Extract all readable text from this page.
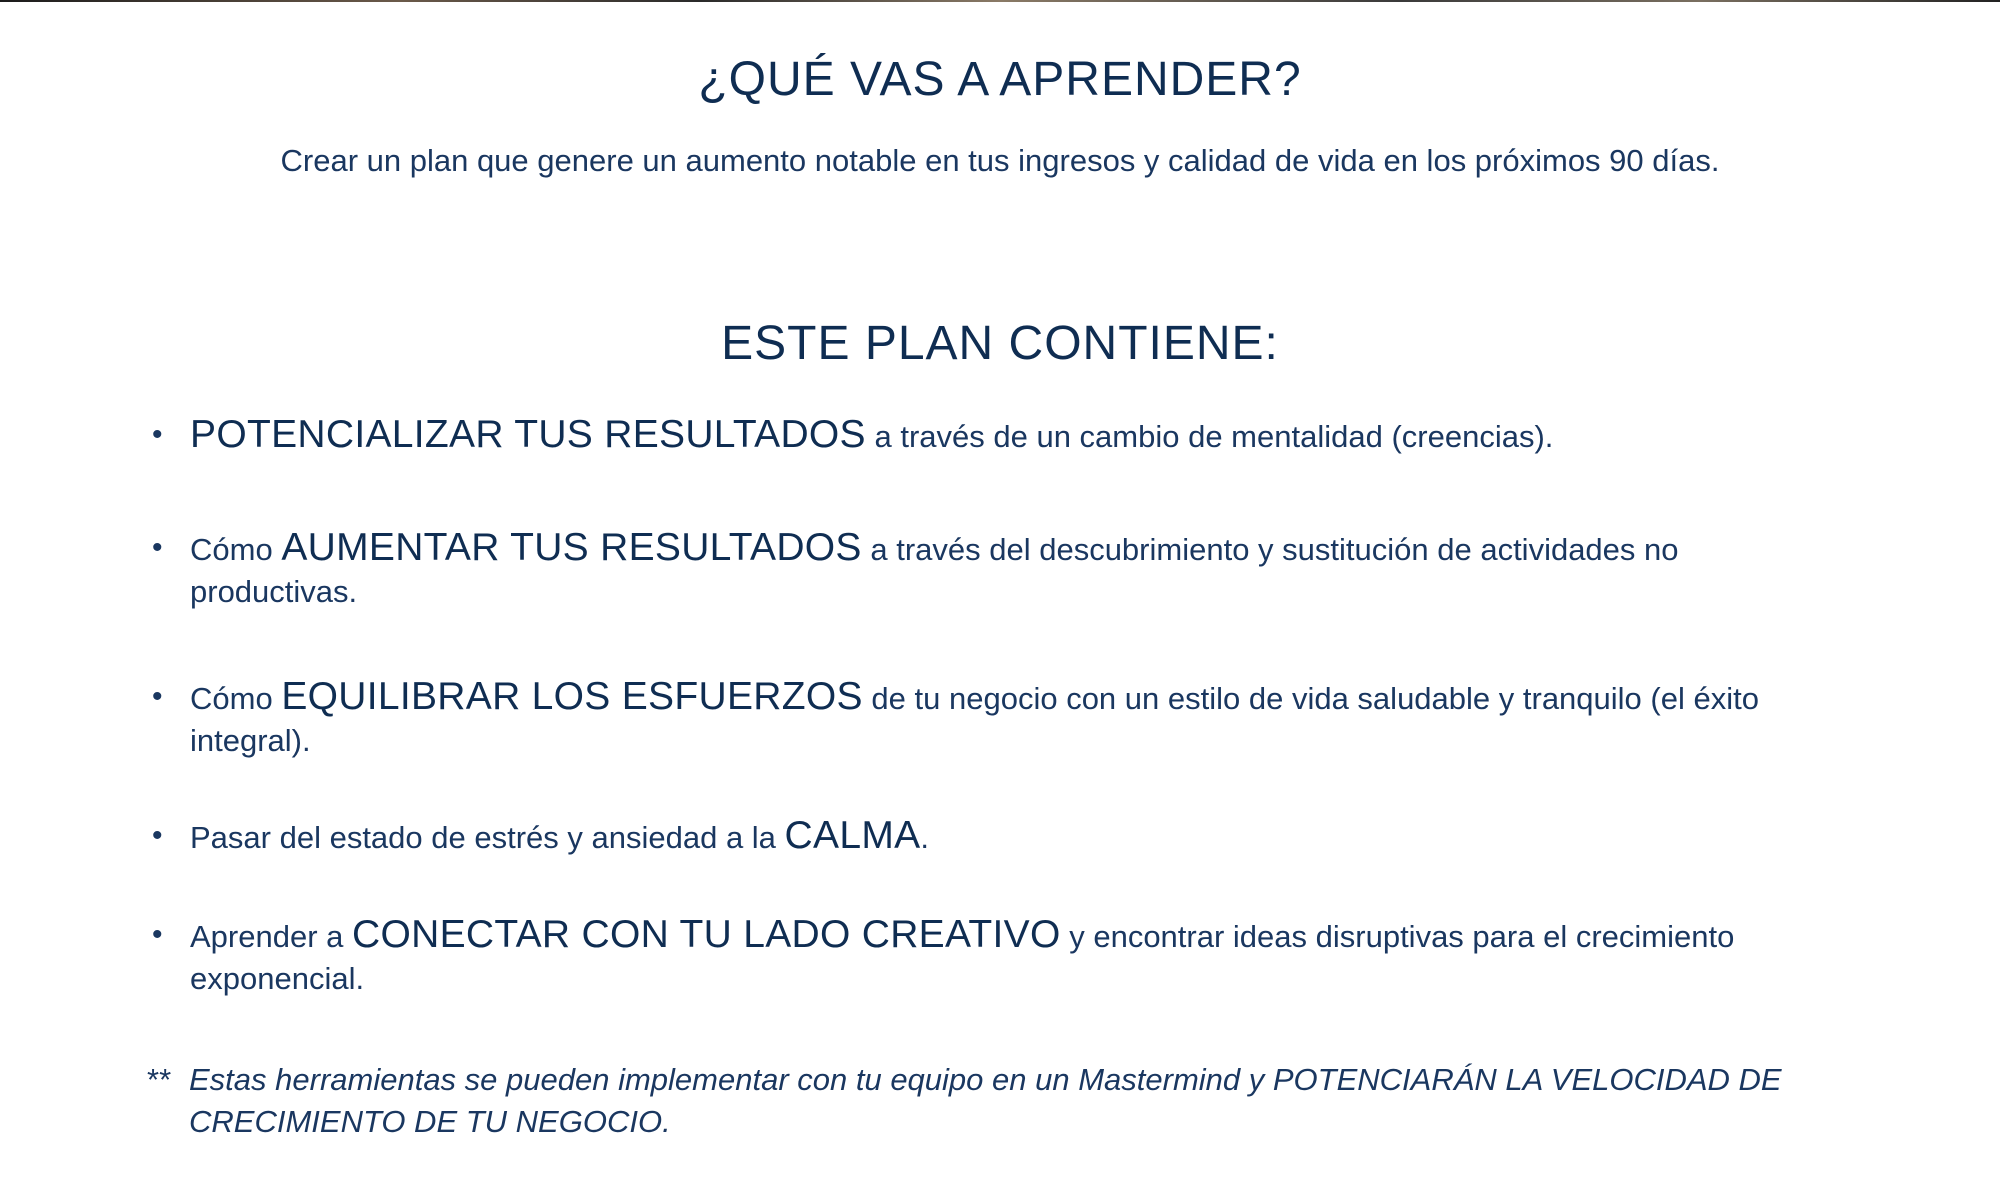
¿QUÉ VAS A APRENDER?

Crear un plan que genere un aumento notable en tus ingresos y calidad de vida en los próximos 90 días.

ESTE PLAN CONTIENE:
• POTENCIALIZAR TUS RESULTADOS a través de un cambio de mentalidad (creencias).
• Cómo AUMENTAR TUS RESULTADOS a través del descubrimiento y sustitución de actividades no productivas.
• Cómo EQUILIBRAR LOS ESFUERZOS de tu negocio con un estilo de vida saludable y tranquilo (el éxito integral).
• Pasar del estado de estrés y ansiedad a la CALMA.
• Aprender a CONECTAR CON TU LADO CREATIVO y encontrar ideas disruptivas para el crecimiento exponencial.
** Estas herramientas se pueden implementar con tu equipo en un Mastermind y POTENCIARÁN LA VELOCIDAD DE CRECIMIENTO DE TU NEGOCIO.
